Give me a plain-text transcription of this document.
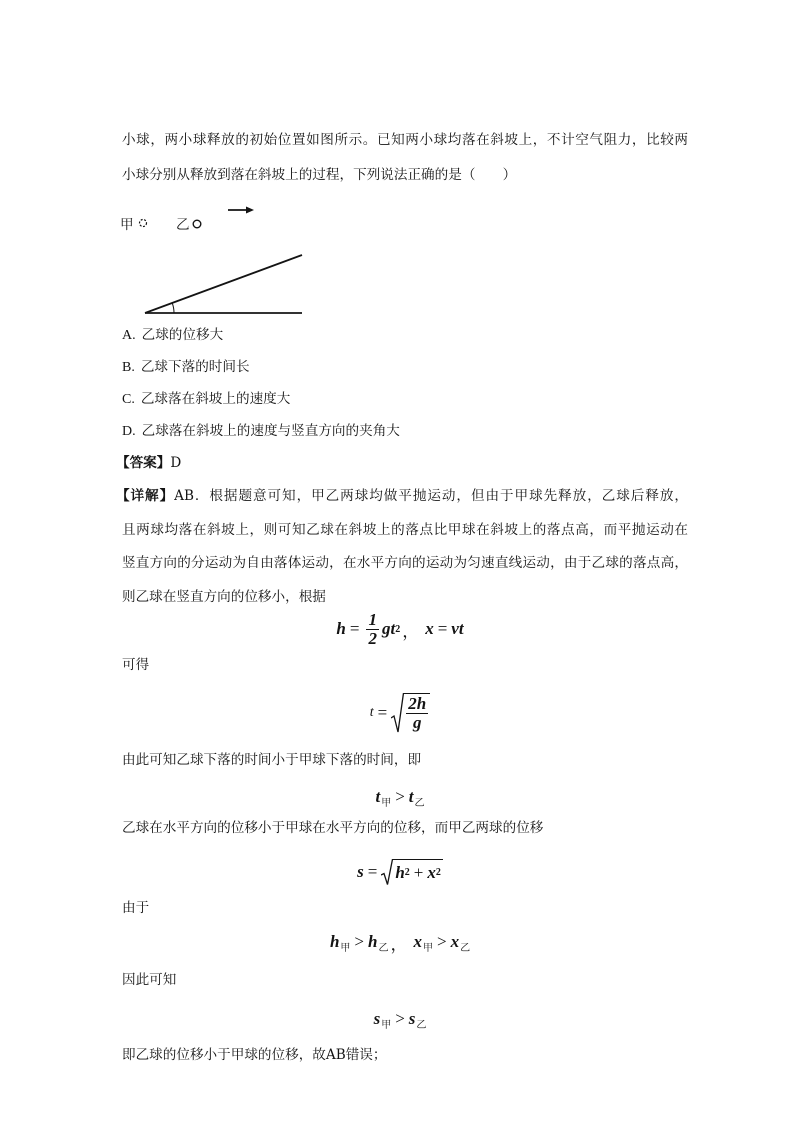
小球，两小球释放的初始位置如图所示。已知两小球均落在斜坡上，不计空气阻力，比较两
小球分别从释放到落在斜坡上的过程，下列说法正确的是（　　）
甲	乙
A. 乙球的位移大
B. 乙球下落的时间长
C. 乙球落在斜坡上的速度大
D. 乙球落在斜坡上的速度与竖直方向的夹角大
【答案】D
【详解】AB．根据题意可知，甲乙两球均做平抛运动，但由于甲球先释放，乙球后释放，
且两球均落在斜坡上，则可知乙球在斜坡上的落点比甲球在斜坡上的落点高，而平抛运动在
竖直方向的分运动为自由落体运动，在水平方向的运动为匀速直线运动，由于乙球的落点高，
则乙球在竖直方向的位移小，根据
$h = \frac{1}{2}$ gt 2 ， x = vt
可得
$t = \frac{2h}{g}$
由此可知乙球下落的时间小于甲球下落的时间，即
t 甲 > t 乙
乙球在水平方向的位移小于甲球在水平方向的位移，而甲乙两球的位移
s = h 2 + x 2
由于
h 甲 > h 乙 ， x 甲 > x 乙
因此可知
s 甲 > s 乙
即乙球的位移小于甲球的位移，故AB错误；
